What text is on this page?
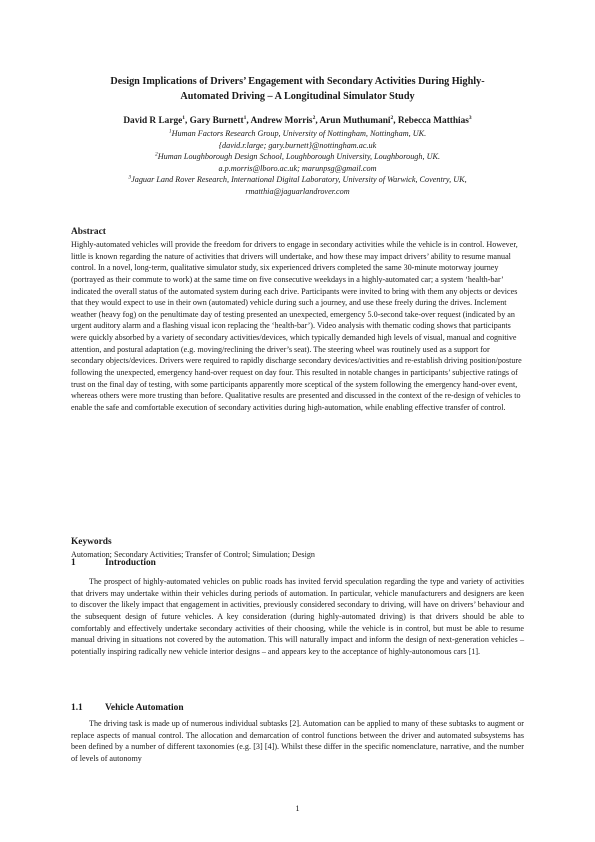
Design Implications of Drivers’ Engagement with Secondary Activities During Highly-
Automated Driving – A Longitudinal Simulator Study
David R Large$^1$, Gary Burnett$^1$, Andrew Morris$^2$, Arun Muthumani$^2$, Rebecca Matthias$^3$
$^1$Human Factors Research Group, University of Nottingham, Nottingham, UK.
{david.r.large; gary.burnett}@nottingham.ac.uk
$^2$Human Loughborough Design School, Loughborough University, Loughborough, UK.
a.p.morris@lboro.ac.uk; marunpsg@gmail.com
$^3$Jaguar Land Rover Research, International Digital Laboratory, University of Warwick, Coventry, UK,
rmatthia@jaguarlandrover.com
Abstract

Highly-automated vehicles will provide the freedom for drivers to engage in secondary activities while the vehicle is in control. However, little is known regarding the nature of activities that drivers will undertake, and how these may impact drivers’ ability to resume manual control. In a novel, long-term, qualitative simulator study, six experienced drivers completed the same 30-minute motorway journey (portrayed as their commute to work) at the same time on five consecutive weekdays in a highly-automated car; a system ‘health-bar’ indicated the overall status of the automated system during each drive. Participants were invited to bring with them any objects or devices that they would expect to use in their own (automated) vehicle during such a journey, and use these freely during the drives. Inclement weather (heavy fog) on the penultimate day of testing presented an unexpected, emergency 5.0-second take-over request (indicated by an urgent auditory alarm and a flashing visual icon replacing the ‘health-bar’). Video analysis with thematic coding shows that participants were quickly absorbed by a variety of secondary activities/devices, which typically demanded high levels of visual, manual and cognitive attention, and postural adaptation (e.g. moving/reclining the driver’s seat). The steering wheel was routinely used as a support for secondary objects/devices. Drivers were required to rapidly discharge secondary devices/activities and re-establish driving position/posture following the unexpected, emergency hand-over request on day four. This resulted in notable changes in participants’ subjective ratings of trust on the final day of testing, with some participants apparently more sceptical of the system following the emergency hand-over event, whereas others were more trusting than before. Qualitative results are presented and discussed in the context of the re-design of vehicles to enable the safe and comfortable execution of secondary activities during high-automation, while enabling effective transfer of control.

Keywords

Automation; Secondary Activities; Transfer of Control; Simulation; Design

1	Introduction

The prospect of highly-automated vehicles on public roads has invited fervid speculation regarding the type and variety of activities that drivers may undertake within their vehicles during periods of automation. In particular, vehicle manufacturers and designers are keen to discover the likely impact that engagement in activities, previously considered secondary to driving, will have on drivers’ behaviour and the subsequent design of future vehicles. A key consideration (during highly-automated driving) is that drivers should be able to comfortably and effectively undertake secondary activities of their choosing, while the vehicle is in control, but must be able to resume manual driving in situations not covered by the automation. This will naturally impact and inform the design of next-generation vehicles – potentially inspiring radically new vehicle interior designs – and appears key to the acceptance of highly-autonomous cars [1].

1.1 Vehicle Automation

The driving task is made up of numerous individual subtasks [2]. Automation can be applied to many of these subtasks to augment or replace aspects of manual control. The allocation and demarcation of control functions between the driver and automated subsystems has been defined by a number of different taxonomies (e.g. [3] [4]). Whilst these differ in the specific nomenclature, narrative, and the number of levels of autonomy

1
